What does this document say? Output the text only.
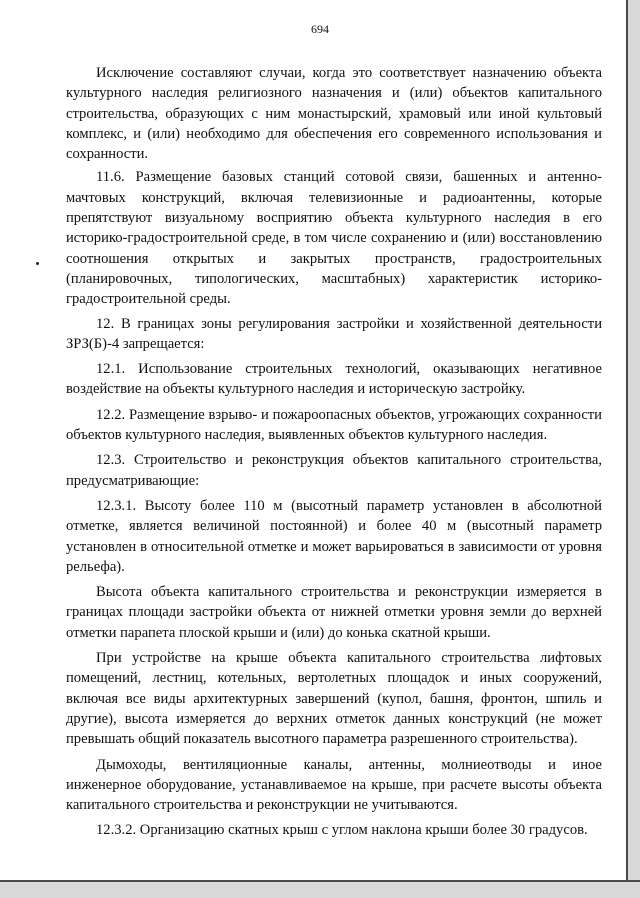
694

Исключение составляют случаи, когда это соответствует назначению объекта культурного наследия религиозного назначения и (или) объектов капитального строительства, образующих с ним монастырский, храмовый или иной культовый комплекс, и (или) необходимо для обеспечения его современного использования и сохранности.

11.6. Размещение базовых станций сотовой связи, башенных и антенно-мачтовых конструкций, включая телевизионные и радиоантенны, которые препятствуют визуальному восприятию объекта культурного наследия в его историко-градостроительной среде, в том числе сохранению и (или) восстановлению соотношения открытых и закрытых пространств, градостроительных (планировочных, типологических, масштабных) характеристик историко-градостроительной среды.

12. В границах зоны регулирования застройки и хозяйственной деятельности ЗРЗ(Б)-4 запрещается:

12.1. Использование строительных технологий, оказывающих негативное воздействие на объекты культурного наследия и историческую застройку.

12.2. Размещение взрыво- и пожароопасных объектов, угрожающих сохранности объектов культурного наследия, выявленных объектов культурного наследия.

12.3. Строительство и реконструкция объектов капитального строительства, предусматривающие:

12.3.1. Высоту более 110 м (высотный параметр установлен в абсолютной отметке, является величиной постоянной) и более 40 м (высотный параметр установлен в относительной отметке и может варьироваться в зависимости от уровня рельефа).

Высота объекта капитального строительства и реконструкции измеряется в границах площади застройки объекта от нижней отметки уровня земли до верхней отметки парапета плоской крыши и (или) до конька скатной крыши.

При устройстве на крыше объекта капитального строительства лифтовых помещений, лестниц, котельных, вертолетных площадок и иных сооружений, включая все виды архитектурных завершений (купол, башня, фронтон, шпиль и другие), высота измеряется до верхних отметок данных конструкций (не может превышать общий показатель высотного параметра разрешенного строительства).

Дымоходы, вентиляционные каналы, антенны, молниеотводы и иное инженерное оборудование, устанавливаемое на крыше, при расчете высоты объекта капитального строительства и реконструкции не учитываются.

12.3.2. Организацию скатных крыш с углом наклона крыши более 30 градусов.
